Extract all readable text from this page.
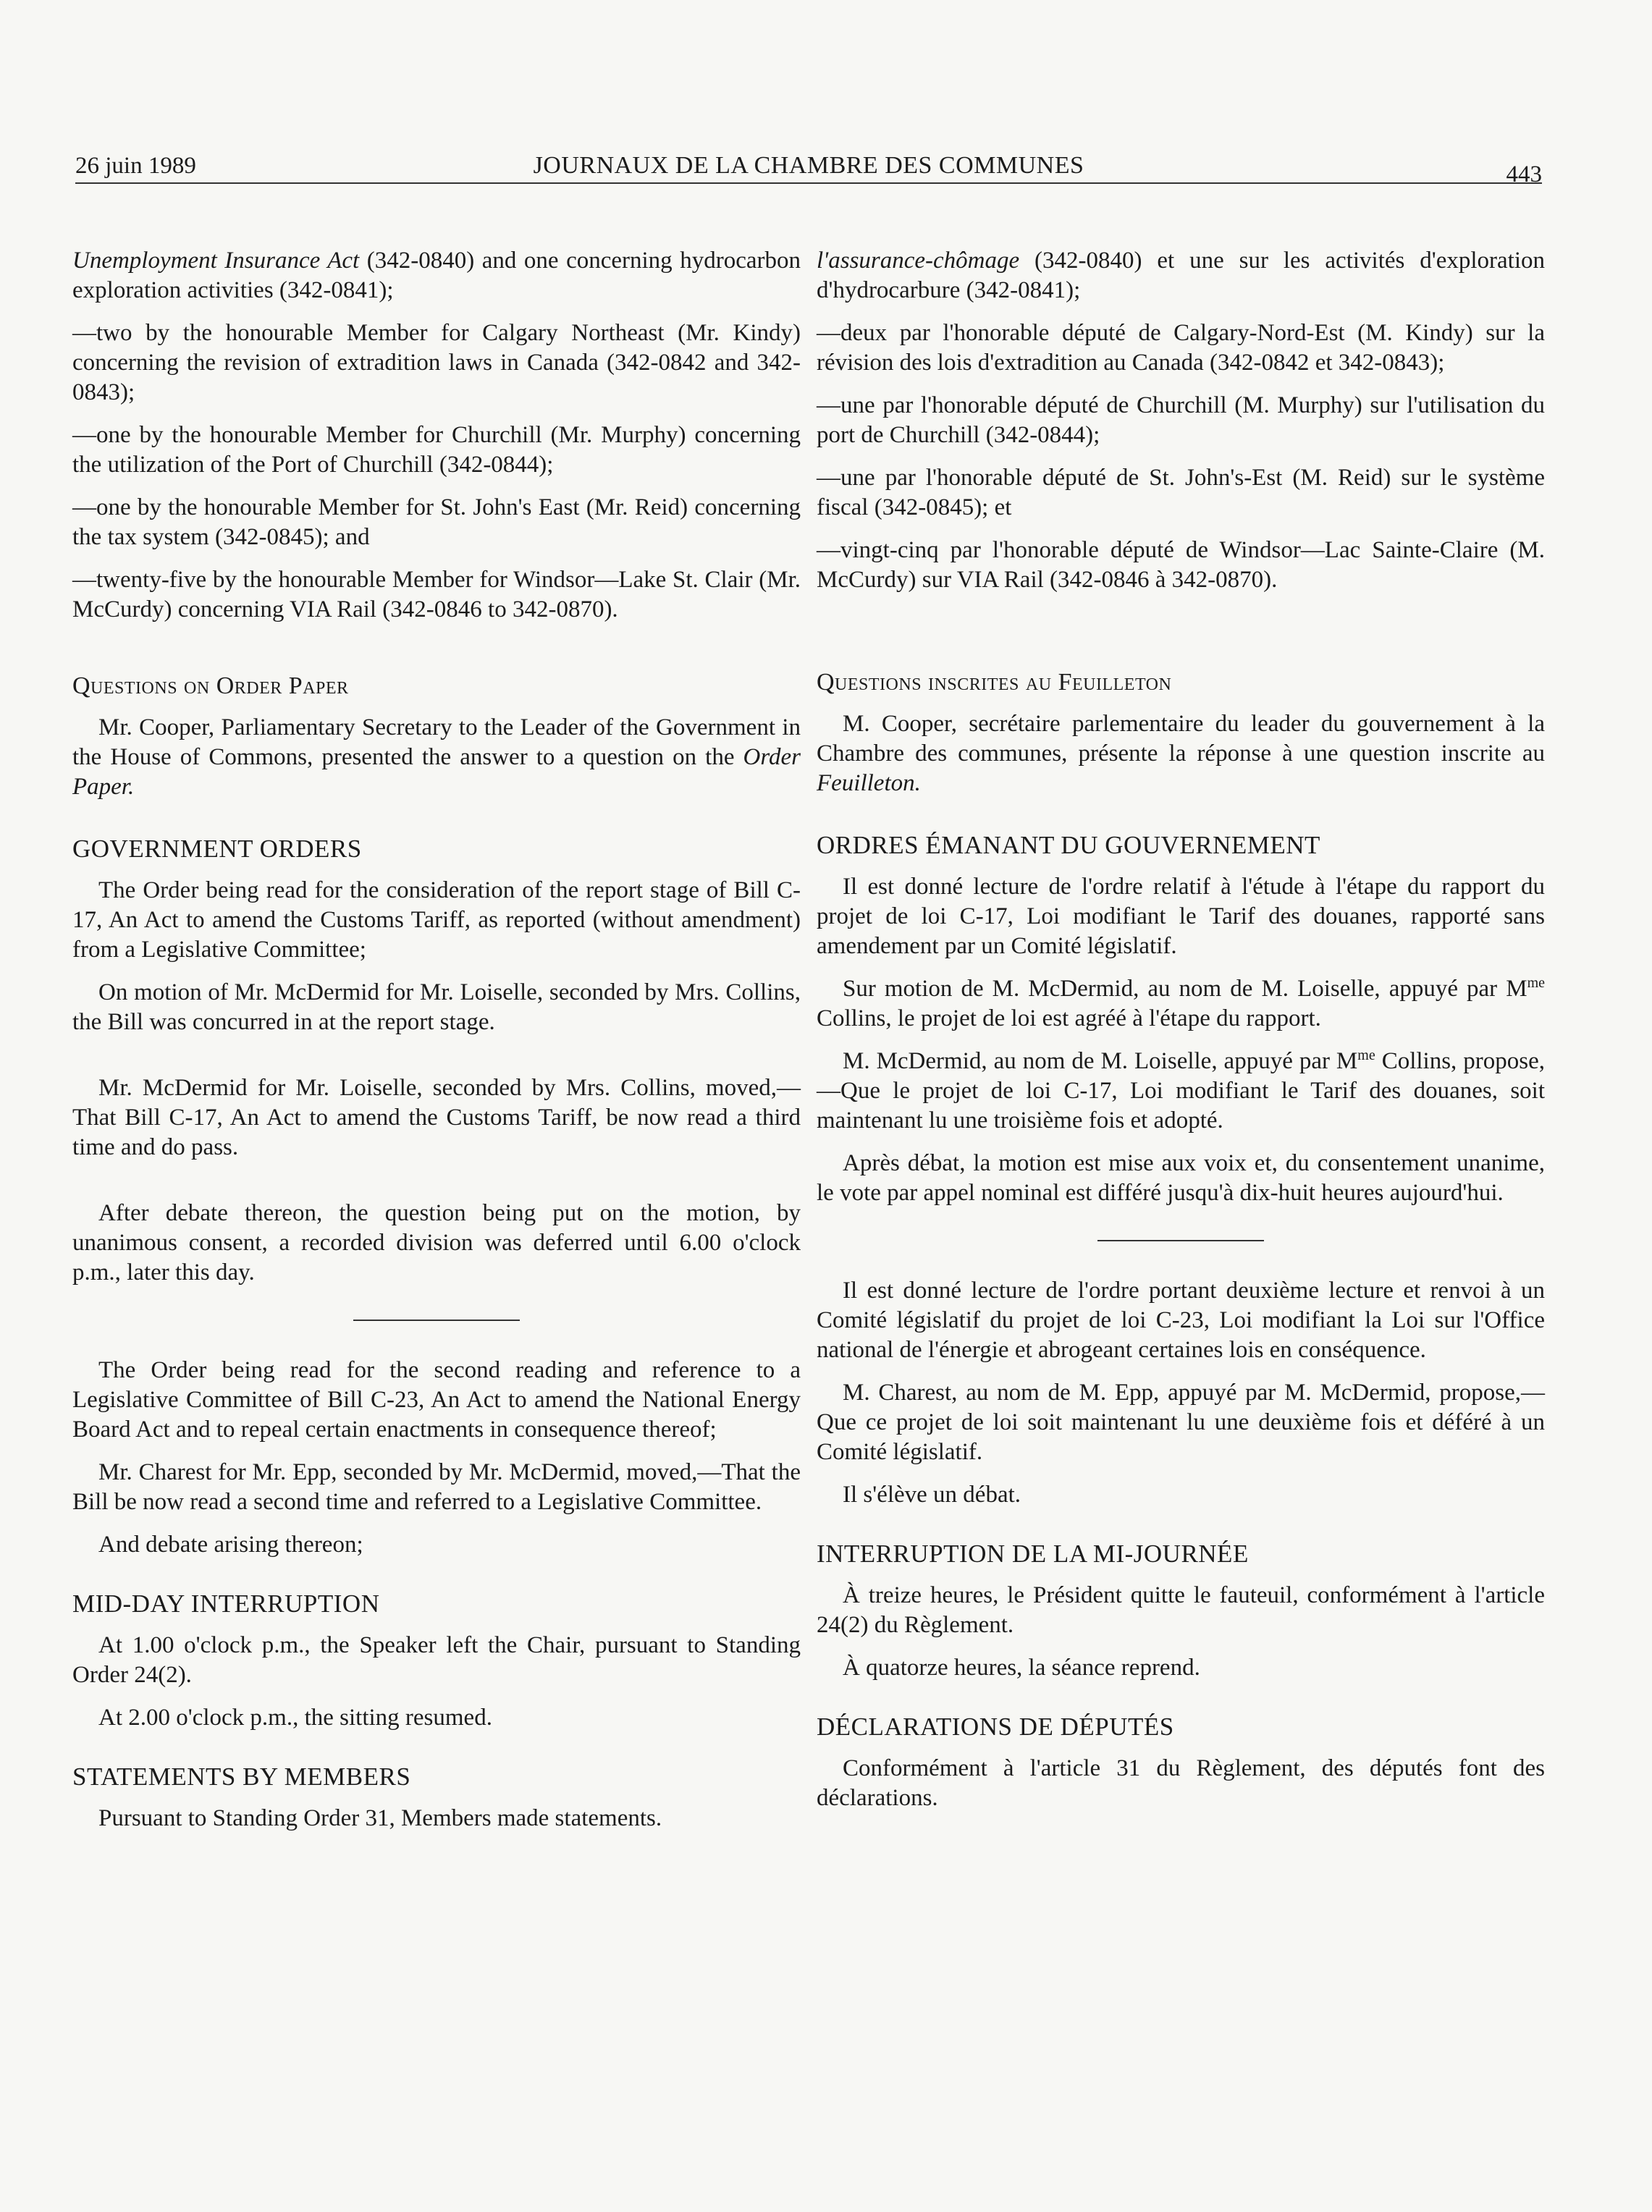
26 juin 1989	JOURNAUX DE LA CHAMBRE DES COMMUNES	443

Unemployment Insurance Act (342-0840) and one concerning hydrocarbon exploration activities (342-0841);

—two by the honourable Member for Calgary Northeast (Mr. Kindy) concerning the revision of extradition laws in Canada (342-0842 and 342-0843);

—one by the honourable Member for Churchill (Mr. Murphy) concerning the utilization of the Port of Churchill (342-0844);

—one by the honourable Member for St. John's East (Mr. Reid) concerning the tax system (342-0845); and

—twenty-five by the honourable Member for Windsor—Lake St. Clair (Mr. McCurdy) concerning VIA Rail (342-0846 to 342-0870).

Questions on Order Paper

Mr. Cooper, Parliamentary Secretary to the Leader of the Government in the House of Commons, presented the answer to a question on the Order Paper.

GOVERNMENT ORDERS

The Order being read for the consideration of the report stage of Bill C-17, An Act to amend the Customs Tariff, as reported (without amendment) from a Legislative Committee;

On motion of Mr. McDermid for Mr. Loiselle, seconded by Mrs. Collins, the Bill was concurred in at the report stage.

Mr. McDermid for Mr. Loiselle, seconded by Mrs. Collins, moved,—That Bill C-17, An Act to amend the Customs Tariff, be now read a third time and do pass.

After debate thereon, the question being put on the motion, by unanimous consent, a recorded division was deferred until 6.00 o'clock p.m., later this day.

The Order being read for the second reading and reference to a Legislative Committee of Bill C-23, An Act to amend the National Energy Board Act and to repeal certain enactments in consequence thereof;

Mr. Charest for Mr. Epp, seconded by Mr. McDermid, moved,—That the Bill be now read a second time and referred to a Legislative Committee.

And debate arising thereon;

MID-DAY INTERRUPTION

At 1.00 o'clock p.m., the Speaker left the Chair, pursuant to Standing Order 24(2).

At 2.00 o'clock p.m., the sitting resumed.

STATEMENTS BY MEMBERS

Pursuant to Standing Order 31, Members made statements.

l'assurance-chômage (342-0840) et une sur les activités d'exploration d'hydrocarbure (342-0841);

—deux par l'honorable député de Calgary-Nord-Est (M. Kindy) sur la révision des lois d'extradition au Canada (342-0842 et 342-0843);

—une par l'honorable député de Churchill (M. Murphy) sur l'utilisation du port de Churchill (342-0844);

—une par l'honorable député de St. John's-Est (M. Reid) sur le système fiscal (342-0845); et

—vingt-cinq par l'honorable député de Windsor—Lac Sainte-Claire (M. McCurdy) sur VIA Rail (342-0846 à 342-0870).

Questions inscrites au Feuilleton

M. Cooper, secrétaire parlementaire du leader du gouvernement à la Chambre des communes, présente la réponse à une question inscrite au Feuilleton.

ORDRES ÉMANANT DU GOUVERNEMENT

Il est donné lecture de l'ordre relatif à l'étude à l'étape du rapport du projet de loi C-17, Loi modifiant le Tarif des douanes, rapporté sans amendement par un Comité législatif.

Sur motion de M. McDermid, au nom de M. Loiselle, appuyé par $M^{me}$ Collins, le projet de loi est agréé à l'étape du rapport.

M. McDermid, au nom de M. Loiselle, appuyé par $M^{me}$ Collins, propose,—Que le projet de loi C-17, Loi modifiant le Tarif des douanes, soit maintenant lu une troisième fois et adopté.

Après débat, la motion est mise aux voix et, du consentement unanime, le vote par appel nominal est différé jusqu'à dix-huit heures aujourd'hui.

Il est donné lecture de l'ordre portant deuxième lecture et renvoi à un Comité législatif du projet de loi C-23, Loi modifiant la Loi sur l'Office national de l'énergie et abrogeant certaines lois en conséquence.

M. Charest, au nom de M. Epp, appuyé par M. McDermid, propose,—Que ce projet de loi soit maintenant lu une deuxième fois et déféré à un Comité législatif.

Il s'élève un débat.

INTERRUPTION DE LA MI-JOURNÉE

À treize heures, le Président quitte le fauteuil, conformément à l'article 24(2) du Règlement.

À quatorze heures, la séance reprend.

DÉCLARATIONS DE DÉPUTÉS

Conformément à l'article 31 du Règlement, des députés font des déclarations.
